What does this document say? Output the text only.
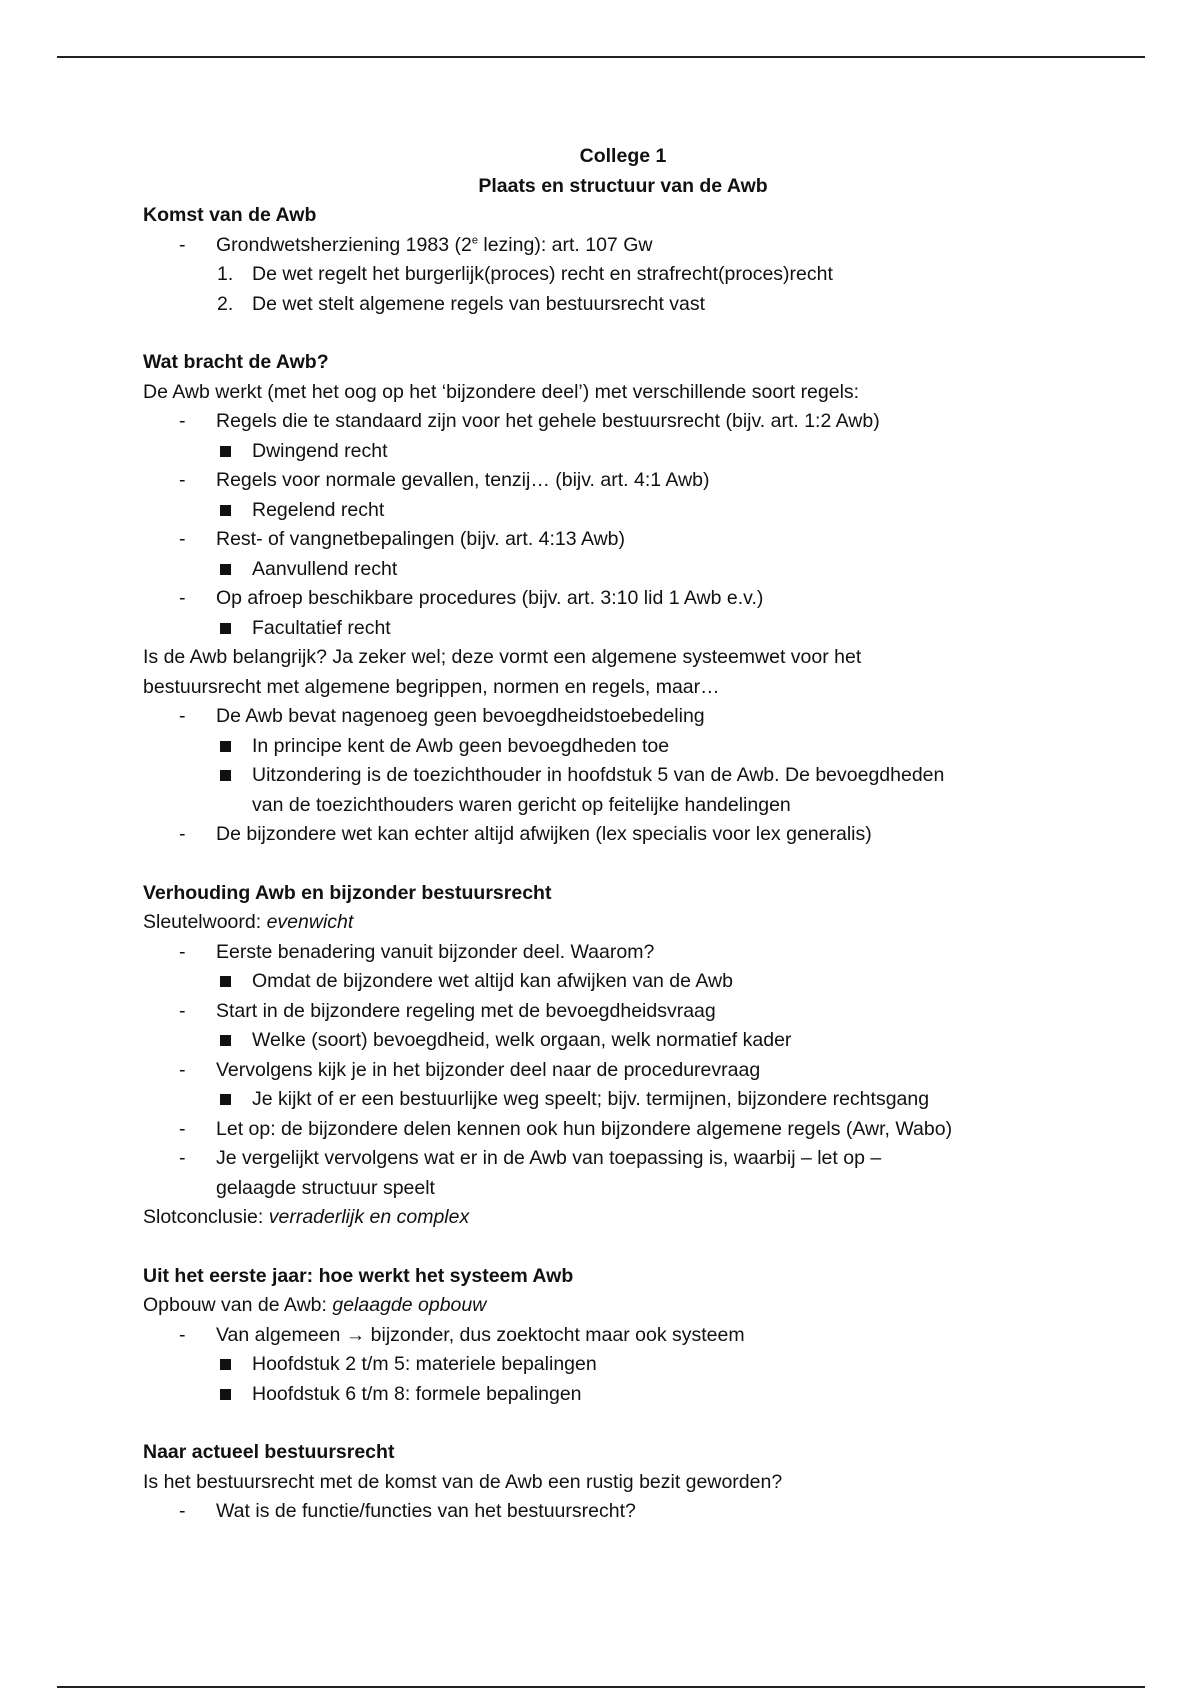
College 1
Plaats en structuur van de Awb
Komst van de Awb
- Grondwetsherziening 1983 (2e lezing): art. 107 Gw
1. De wet regelt het burgerlijk(proces) recht en strafrecht(proces)recht
2. De wet stelt algemene regels van bestuursrecht vast
Wat bracht de Awb?
De Awb werkt (met het oog op het ‘bijzondere deel’) met verschillende soort regels:
- Regels die te standaard zijn voor het gehele bestuursrecht (bijv. art. 1:2 Awb)
Dwingend recht
- Regels voor normale gevallen, tenzij… (bijv. art. 4:1 Awb)
Regelend recht
- Rest- of vangnetbepalingen (bijv. art. 4:13 Awb)
Aanvullend recht
- Op afroep beschikbare procedures (bijv. art. 3:10 lid 1 Awb e.v.)
Facultatief recht
Is de Awb belangrijk? Ja zeker wel; deze vormt een algemene systeemwet voor het
bestuursrecht met algemene begrippen, normen en regels, maar…
- De Awb bevat nagenoeg geen bevoegdheidstoebedeling
In principe kent de Awb geen bevoegdheden toe
Uitzondering is de toezichthouder in hoofdstuk 5 van de Awb. De bevoegdheden
van de toezichthouders waren gericht op feitelijke handelingen
- De bijzondere wet kan echter altijd afwijken (lex specialis voor lex generalis)
Verhouding Awb en bijzonder bestuursrecht
Sleutelwoord: evenwicht
- Eerste benadering vanuit bijzonder deel. Waarom?
Omdat de bijzondere wet altijd kan afwijken van de Awb
- Start in de bijzondere regeling met de bevoegdheidsvraag
Welke (soort) bevoegdheid, welk orgaan, welk normatief kader
- Vervolgens kijk je in het bijzonder deel naar de procedurevraag
Je kijkt of er een bestuurlijke weg speelt; bijv. termijnen, bijzondere rechtsgang
- Let op: de bijzondere delen kennen ook hun bijzondere algemene regels (Awr, Wabo)
- Je vergelijkt vervolgens wat er in de Awb van toepassing is, waarbij – let op –
gelaagde structuur speelt
Slotconclusie: verraderlijk en complex
Uit het eerste jaar: hoe werkt het systeem Awb
Opbouw van de Awb: gelaagde opbouw
- Van algemeen → bijzonder, dus zoektocht maar ook systeem
Hoofdstuk 2 t/m 5: materiele bepalingen
Hoofdstuk 6 t/m 8: formele bepalingen
Naar actueel bestuursrecht
Is het bestuursrecht met de komst van de Awb een rustig bezit geworden?
- Wat is de functie/functies van het bestuursrecht?
